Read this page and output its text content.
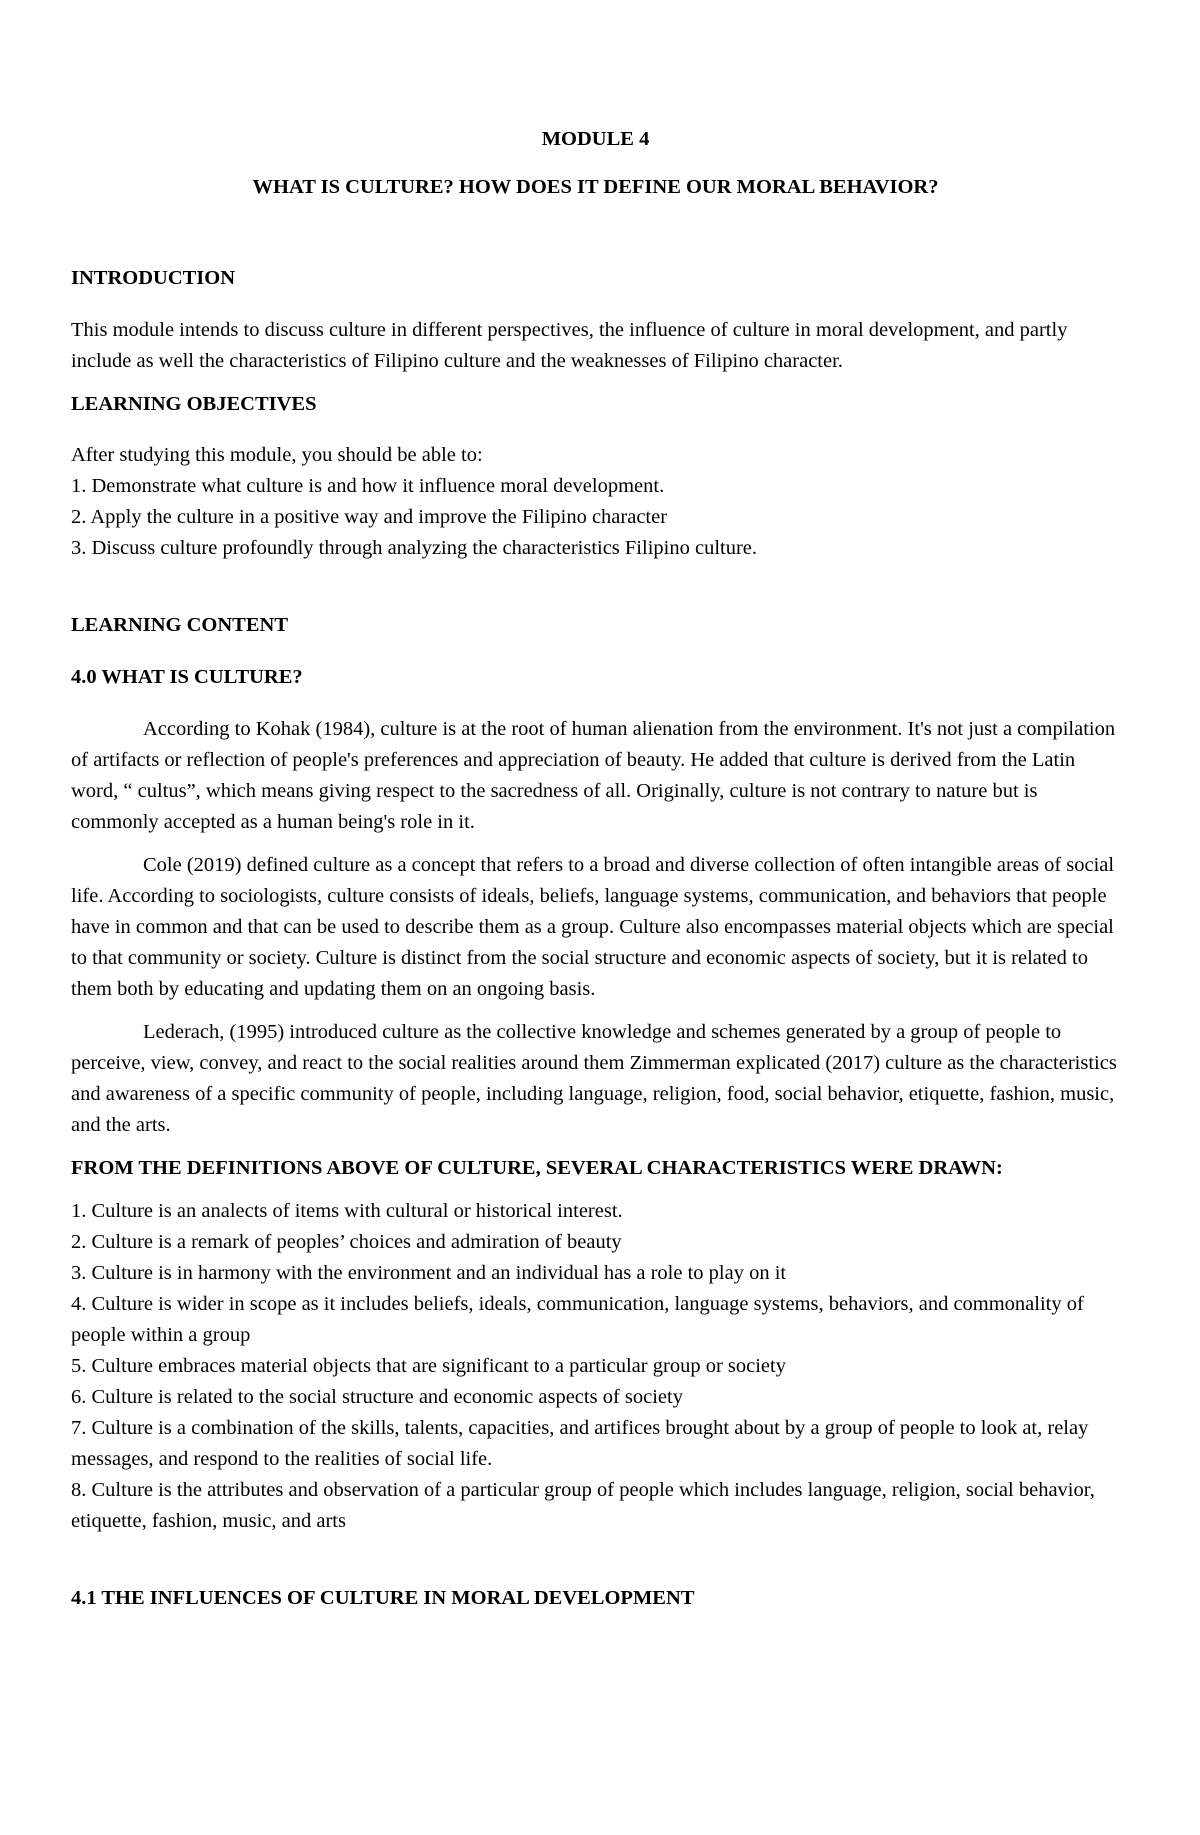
MODULE 4
WHAT IS CULTURE? HOW DOES IT DEFINE OUR MORAL BEHAVIOR?
INTRODUCTION

This module intends to discuss culture in different perspectives, the influence of culture in moral development, and partly include as well the characteristics of Filipino culture and the weaknesses of Filipino character.

LEARNING OBJECTIVES
After studying this module, you should be able to:
1. Demonstrate what culture is and how it influence moral development.
2. Apply the culture in a positive way and improve the Filipino character
3. Discuss culture profoundly through analyzing the characteristics Filipino culture.
LEARNING CONTENT
4.0 WHAT IS CULTURE?

According to Kohak (1984), culture is at the root of human alienation from the environment. It's not just a compilation of artifacts or reflection of people's preferences and appreciation of beauty. He added that culture is derived from the Latin word, “ cultus”, which means giving respect to the sacredness of all. Originally, culture is not contrary to nature but is commonly accepted as a human being's role in it.

Cole (2019) defined culture as a concept that refers to a broad and diverse collection of often intangible areas of social life. According to sociologists, culture consists of ideals, beliefs, language systems, communication, and behaviors that people have in common and that can be used to describe them as a group. Culture also encompasses material objects which are special to that community or society. Culture is distinct from the social structure and economic aspects of society, but it is related to them both by educating and updating them on an ongoing basis.

Lederach, (1995) introduced culture as the collective knowledge and schemes generated by a group of people to perceive, view, convey, and react to the social realities around them Zimmerman explicated (2017) culture as the characteristics and awareness of a specific community of people, including language, religion, food, social behavior, etiquette, fashion, music, and the arts.

FROM THE DEFINITIONS ABOVE OF CULTURE, SEVERAL CHARACTERISTICS WERE DRAWN:
1. Culture is an analects of items with cultural or historical interest.
2. Culture is a remark of peoples’ choices and admiration of beauty
3. Culture is in harmony with the environment and an individual has a role to play on it
4. Culture is wider in scope as it includes beliefs, ideals, communication, language systems, behaviors, and commonality of people within a group
5. Culture embraces material objects that are significant to a particular group or society
6. Culture is related to the social structure and economic aspects of society
7. Culture is a combination of the skills, talents, capacities, and artifices brought about by a group of people to look at, relay messages, and respond to the realities of social life.
8. Culture is the attributes and observation of a particular group of people which includes language, religion, social behavior, etiquette, fashion, music, and arts
4.1 THE INFLUENCES OF CULTURE IN MORAL DEVELOPMENT
